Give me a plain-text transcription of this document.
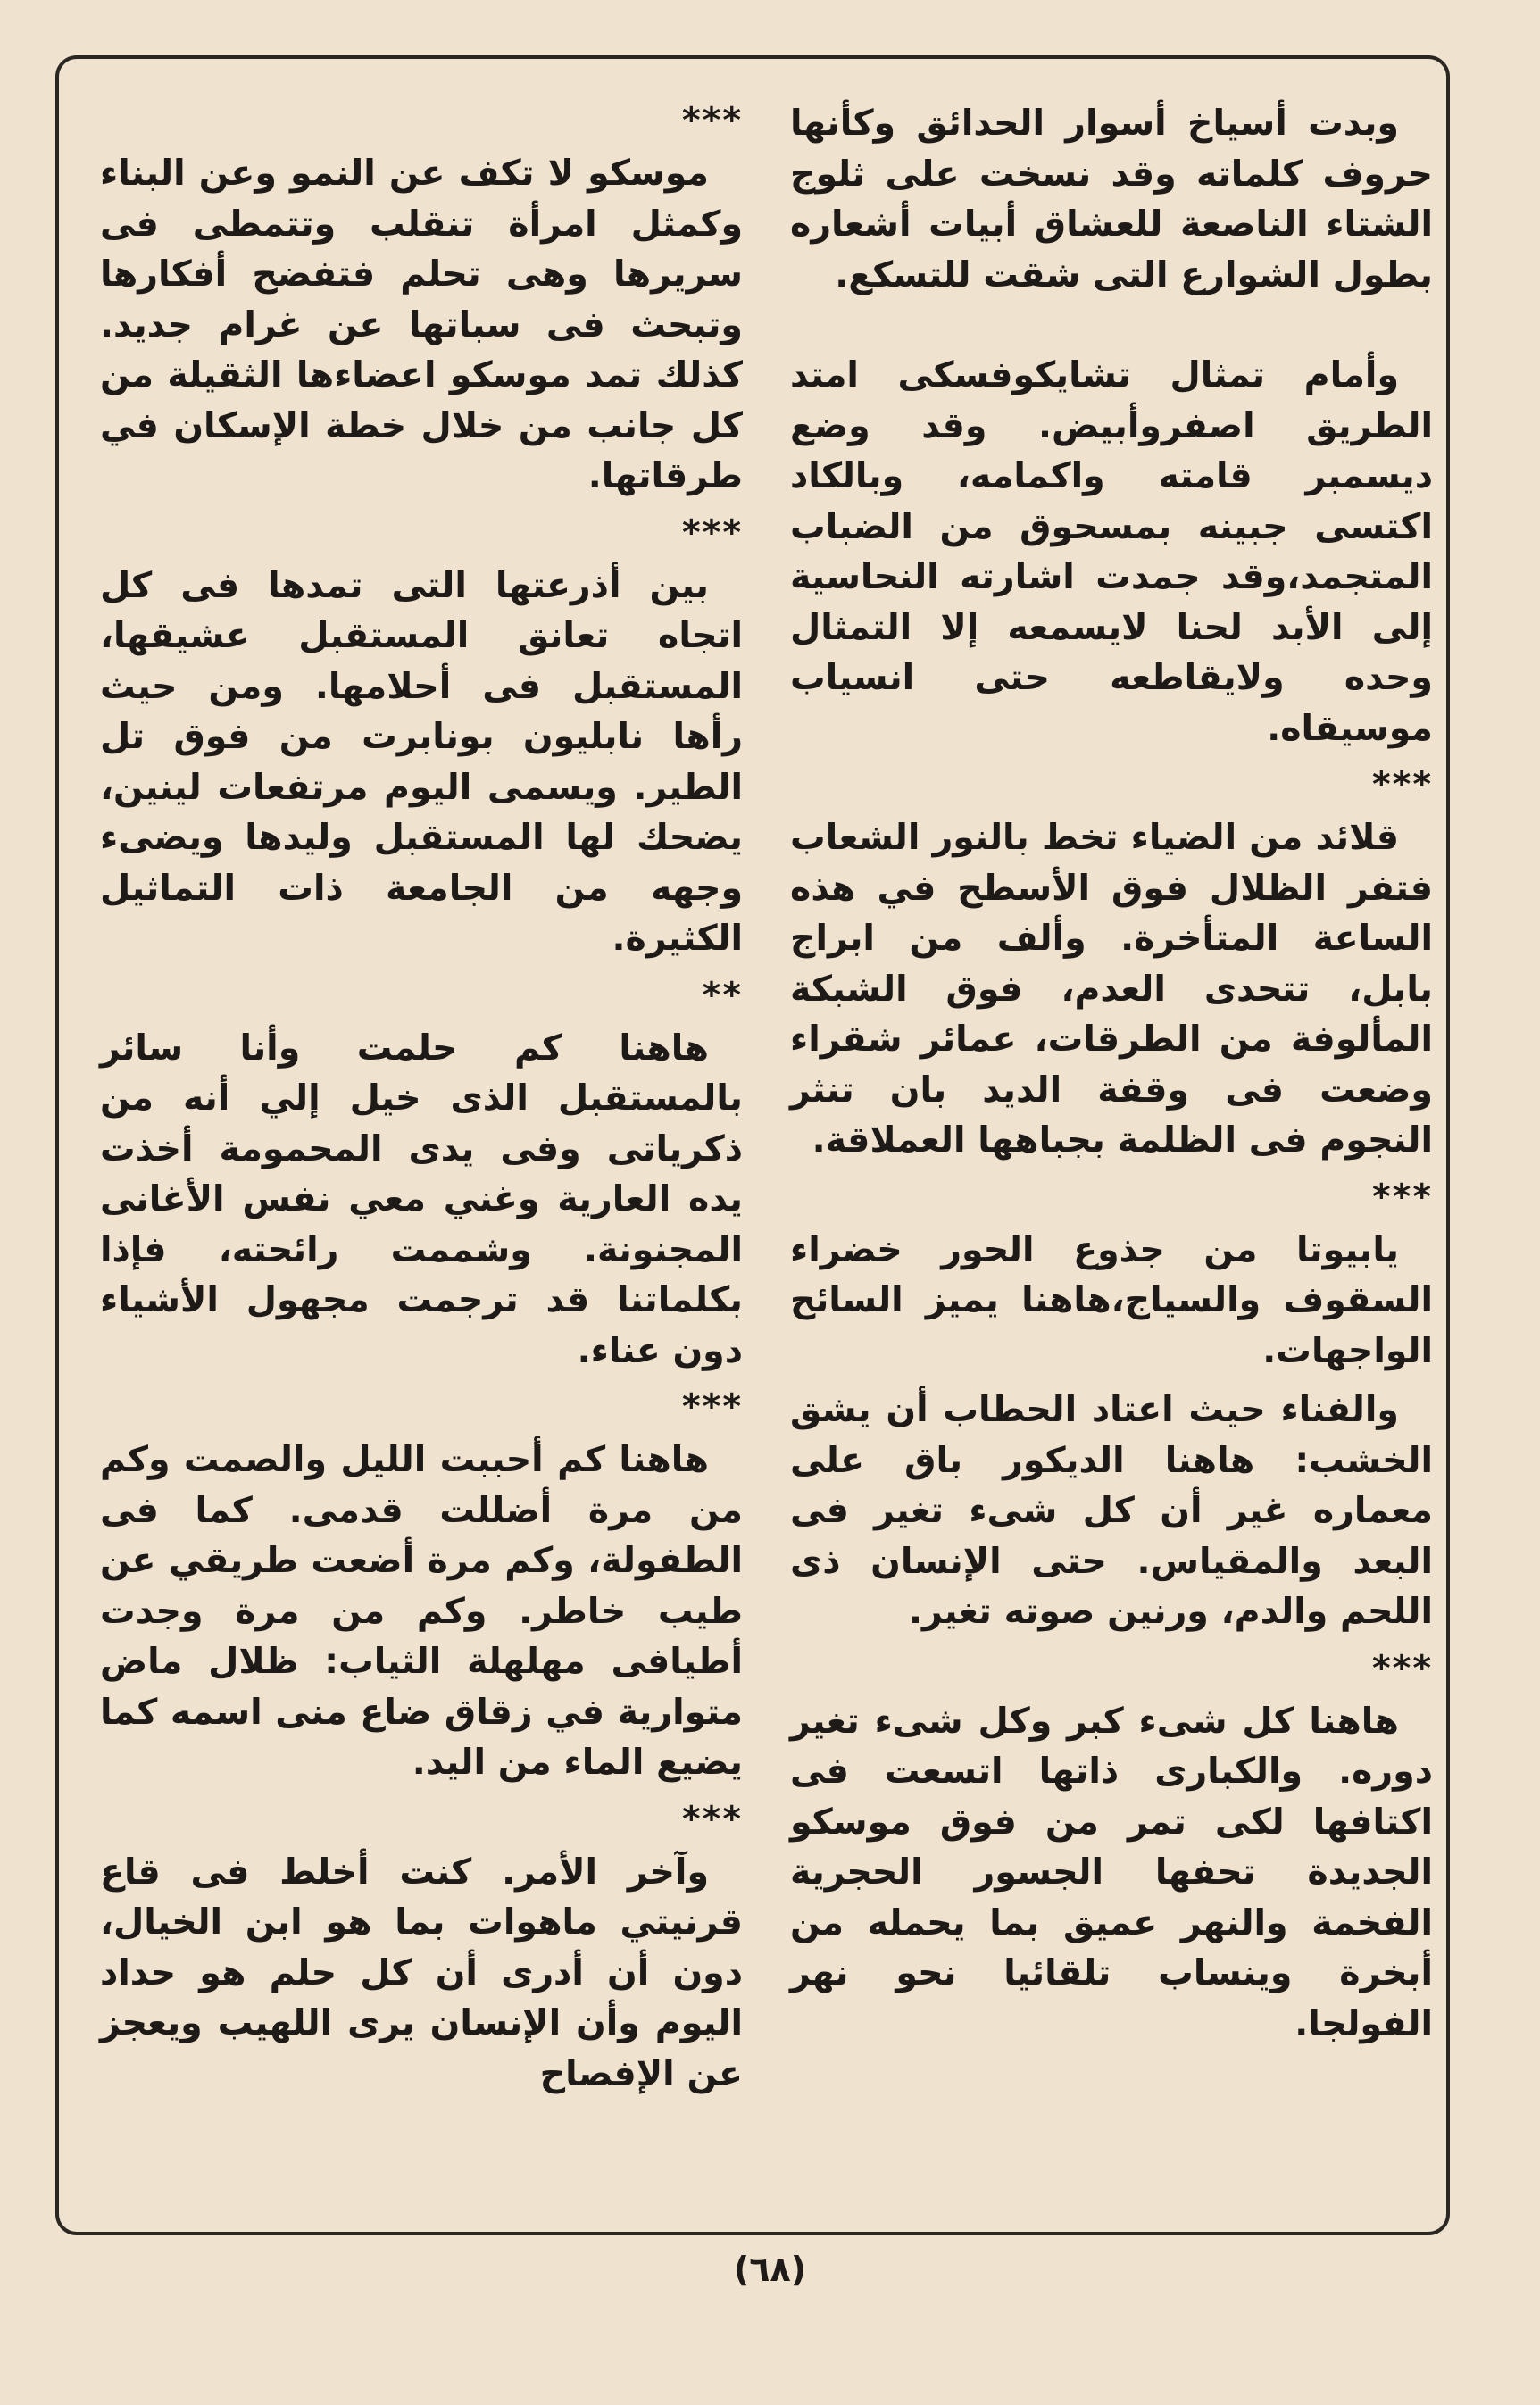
وبدت أسياخ أسوار الحدائق وكأنها حروف كلماته وقد نسخت على ثلوج الشتاء الناصعة للعشاق أبيات أشعاره بطول الشوارع التى شقت للتسكع.

وأمام تمثال تشايكوفسكى امتد الطريق اصفروأبيض. وقد وضع ديسمبر قامته واكمامه، وبالكاد اكتسى جبينه بمسحوق من الضباب المتجمد،وقد جمدت اشارته النحاسية إلى الأبد لحنا لايسمعه إلا التمثال وحده ولايقاطعه حتى انسياب موسيقاه.

***

قلائد من الضياء تخط بالنور الشعاب فتفر الظلال فوق الأسطح في هذه الساعة المتأخرة. وألف من ابراج بابل، تتحدى العدم، فوق الشبكة المألوفة من الطرقات، عمائر شقراء وضعت فى وقفة الديد بان تنثر النجوم فى الظلمة بجباهها العملاقة.

***

يابيوتا من جذوع الحور خضراء السقوف والسياج،هاهنا يميز السائح الواجهات.

والفناء حيث اعتاد الحطاب أن يشق الخشب: هاهنا الديكور باق على معماره غير أن كل شىء تغير فى البعد والمقياس. حتى الإنسان ذى اللحم والدم، ورنين صوته تغير.

***

هاهنا كل شىء كبر وكل شىء تغير دوره. والكبارى ذاتها اتسعت فى اكتافها لكى تمر من فوق موسكو الجديدة تحفها الجسور الحجرية الفخمة والنهر عميق بما يحمله من أبخرة وينساب تلقائيا نحو نهر الفولجا.

***

موسكو لا تكف عن النمو وعن البناء وكمثل امرأة تنقلب وتتمطى فى سريرها وهى تحلم فتفضح أفكارها وتبحث فى سباتها عن غرام جديد. كذلك تمد موسكو اعضاءها الثقيلة من كل جانب من خلال خطة الإسكان في طرقاتها.

***

بين أذرعتها التى تمدها فى كل اتجاه تعانق المستقبل عشيقها، المستقبل فى أحلامها. ومن حيث رأها نابليون بونابرت من فوق تل الطير. ويسمى اليوم مرتفعات لينين، يضحك لها المستقبل وليدها ويضىء وجهه من الجامعة ذات التماثيل الكثيرة.

**

هاهنا كم حلمت وأنا سائر بالمستقبل الذى خيل إلي أنه من ذكرياتى وفى يدى المحمومة أخذت يده العارية وغني معي نفس الأغانى المجنونة. وشممت رائحته، فإذا بكلماتنا قد ترجمت مجهول الأشياء دون عناء.

***

هاهنا كم أحببت الليل والصمت وكم من مرة أضللت قدمى. كما فى الطفولة، وكم مرة أضعت طريقي عن طيب خاطر. وكم من مرة وجدت أطيافى مهلهلة الثياب: ظلال ماض متوارية في زقاق ضاع منى اسمه كما يضيع الماء من اليد.

***

وآخر الأمر. كنت أخلط فى قاع قرنيتي ماهوات بما هو ابن الخيال، دون أن أدرى أن كل حلم هو حداد اليوم وأن الإنسان يرى اللهيب ويعجز عن الإفصاح

(٦٨)
